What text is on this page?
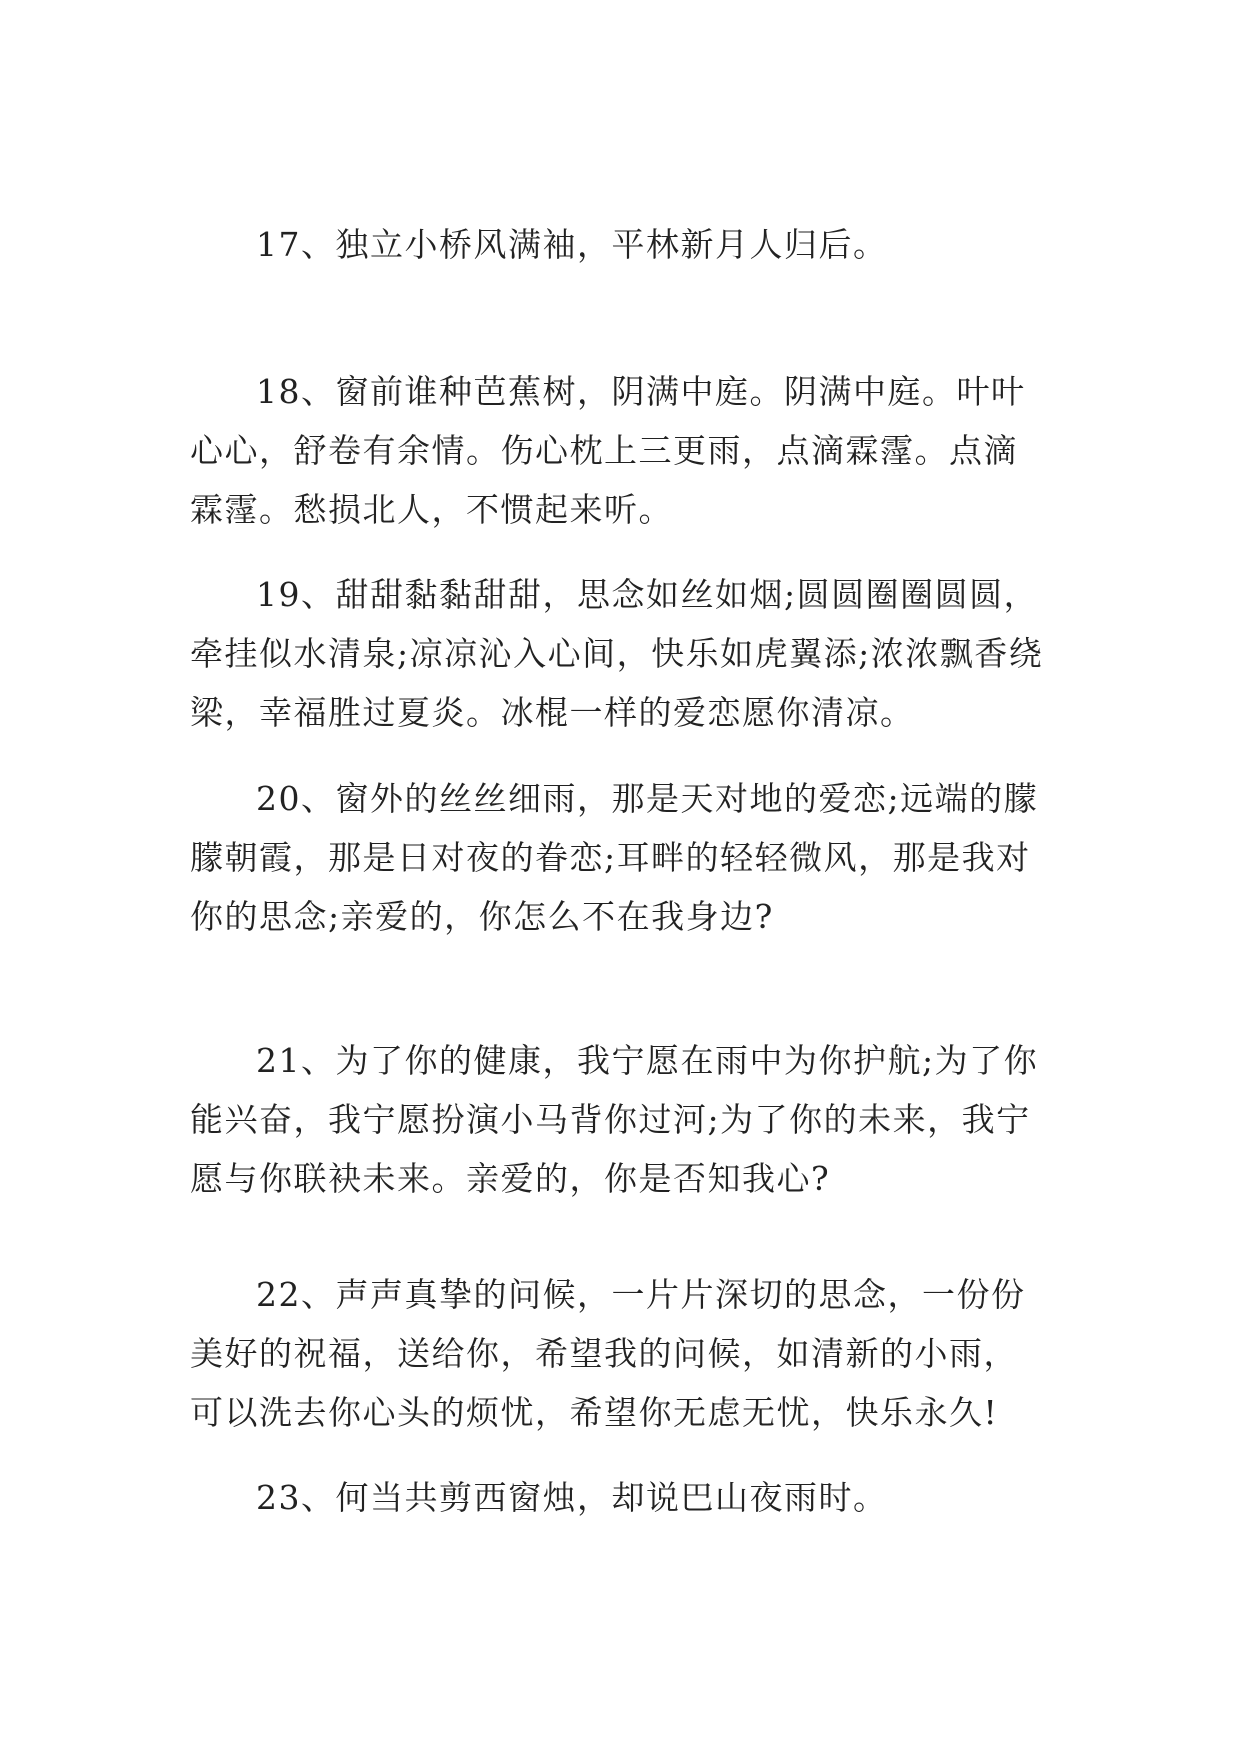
17、独立小桥风满袖，平林新月人归后。

18、窗前谁种芭蕉树，阴满中庭。阴满中庭。叶叶心心，舒卷有余情。伤心枕上三更雨，点滴霖霪。点滴霖霪。愁损北人，不惯起来听。

19、甜甜黏黏甜甜，思念如丝如烟;圆圆圈圈圆圆，牵挂似水清泉;凉凉沁入心间，快乐如虎翼添;浓浓飘香绕梁，幸福胜过夏炎。冰棍一样的爱恋愿你清凉。

20、窗外的丝丝细雨，那是天对地的爱恋;远端的朦朦朝霞，那是日对夜的眷恋;耳畔的轻轻微风，那是我对你的思念;亲爱的，你怎么不在我身边?

21、为了你的健康，我宁愿在雨中为你护航;为了你能兴奋，我宁愿扮演小马背你过河;为了你的未来，我宁愿与你联袂未来。亲爱的，你是否知我心?

22、声声真挚的问候，一片片深切的思念，一份份美好的祝福，送给你，希望我的问候，如清新的小雨，可以洗去你心头的烦忧，希望你无虑无忧，快乐永久!

23、何当共剪西窗烛，却说巴山夜雨时。
